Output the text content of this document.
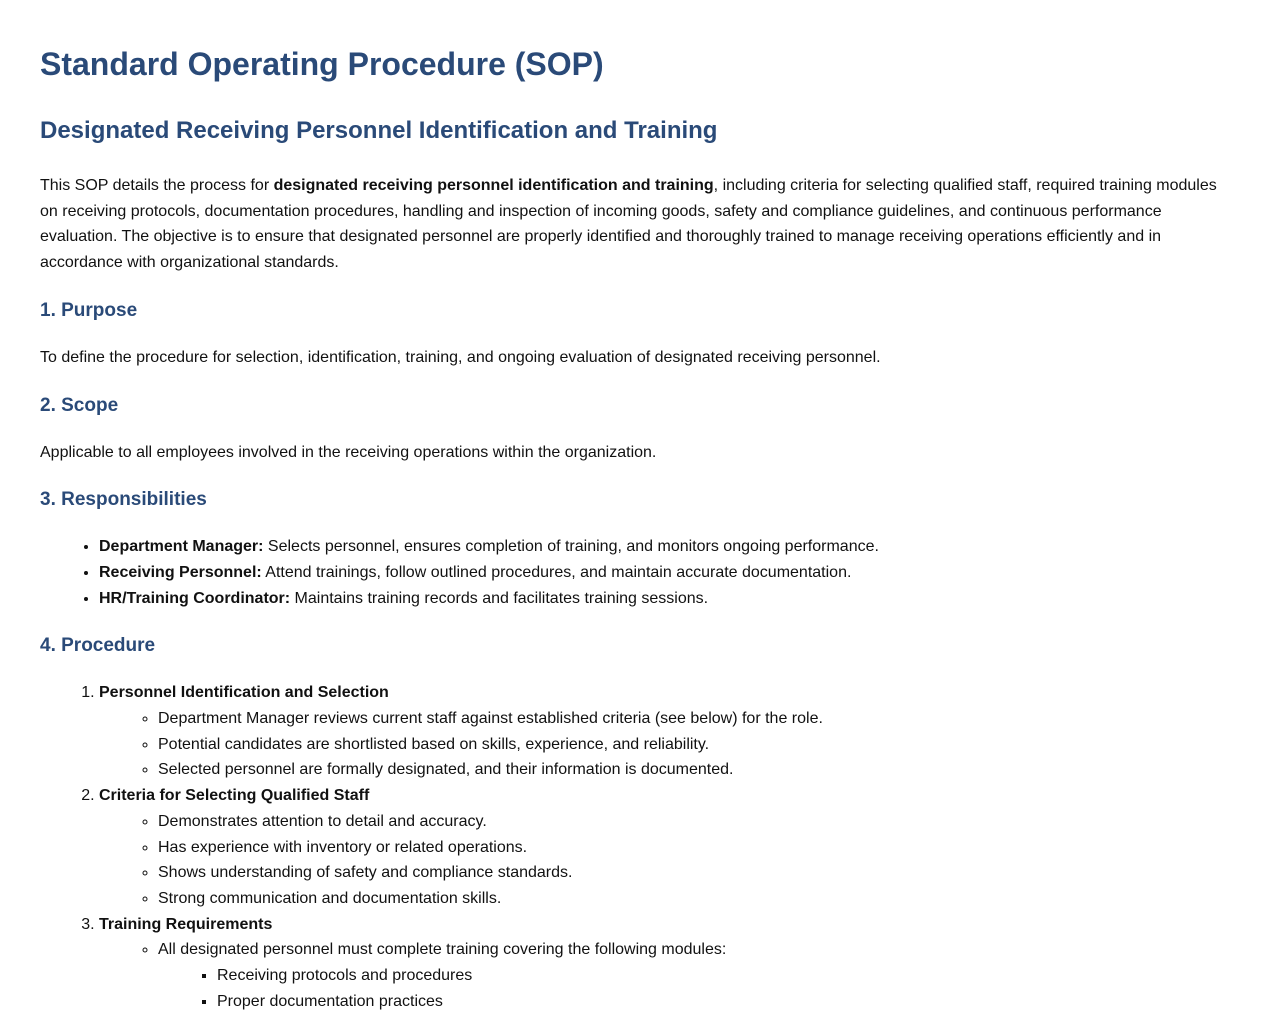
Standard Operating Procedure (SOP)
Designated Receiving Personnel Identification and Training

This SOP details the process for designated receiving personnel identification and training, including criteria for selecting qualified staff, required training modules on receiving protocols, documentation procedures, handling and inspection of incoming goods, safety and compliance guidelines, and continuous performance evaluation. The objective is to ensure that designated personnel are properly identified and thoroughly trained to manage receiving operations efficiently and in accordance with organizational standards.

1. Purpose

To define the procedure for selection, identification, training, and ongoing evaluation of designated receiving personnel.

2. Scope

Applicable to all employees involved in the receiving operations within the organization.

3. Responsibilities
• Department Manager: Selects personnel, ensures completion of training, and monitors ongoing performance.
• Receiving Personnel: Attend trainings, follow outlined procedures, and maintain accurate documentation.
• HR/Training Coordinator: Maintains training records and facilitates training sessions.
4. Procedure
1. Personnel Identification and Selection
◦ Department Manager reviews current staff against established criteria (see below) for the role.
◦ Potential candidates are shortlisted based on skills, experience, and reliability.
◦ Selected personnel are formally designated, and their information is documented.
2. Criteria for Selecting Qualified Staff
◦ Demonstrates attention to detail and accuracy.
◦ Has experience with inventory or related operations.
◦ Shows understanding of safety and compliance standards.
◦ Strong communication and documentation skills.
3. Training Requirements
◦ All designated personnel must complete training covering the following modules:
▪ Receiving protocols and procedures
▪ Proper documentation practices
